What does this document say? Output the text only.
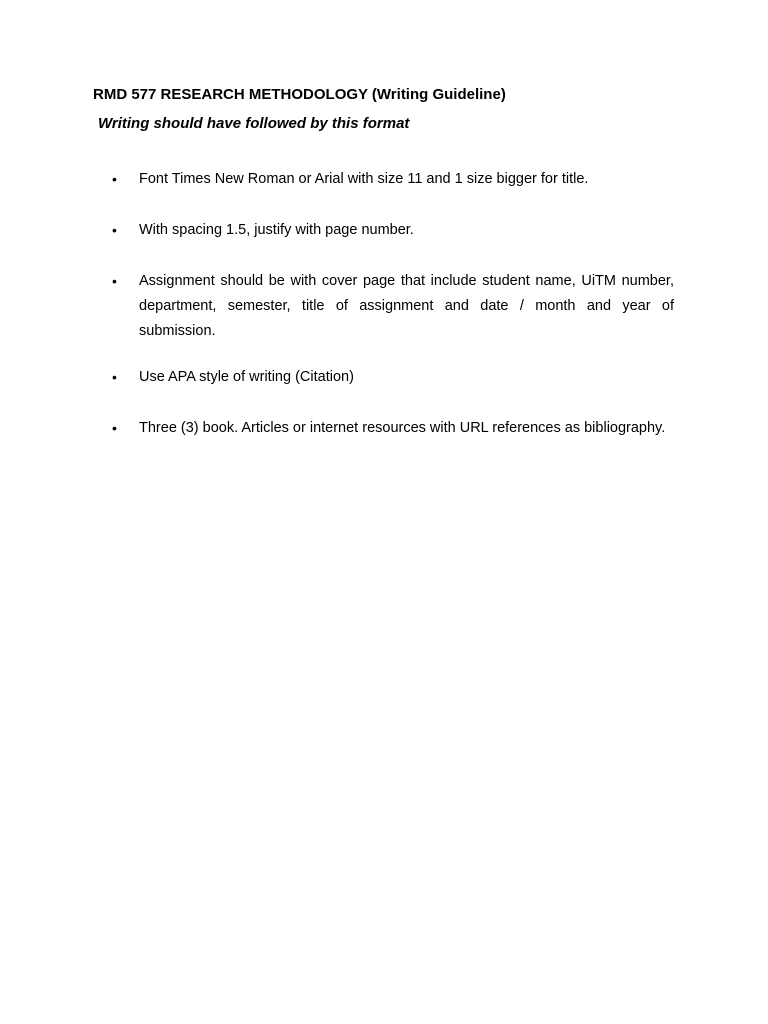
RMD 577 RESEARCH METHODOLOGY (Writing Guideline)
Writing should have followed by this format
•	Font Times New Roman or Arial with size 11 and 1 size bigger for title.
•	With spacing 1.5, justify with page number.
•	Assignment should be with cover page that include student name, UiTM number, department, semester, title of assignment and date / month and year of submission.
•	Use APA style of writing (Citation)
•	Three (3) book. Articles or internet resources with URL references as bibliography.
